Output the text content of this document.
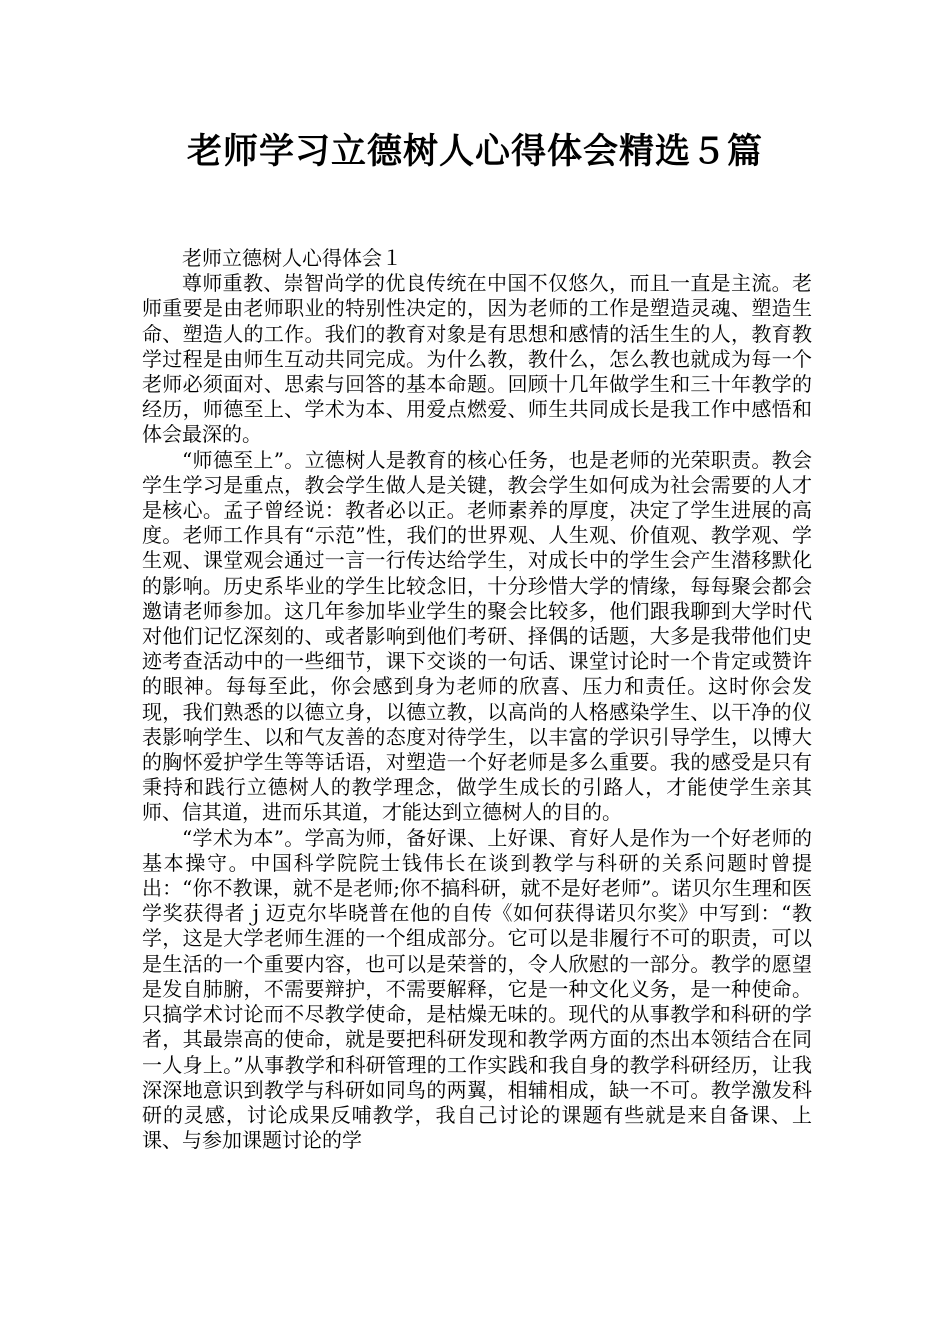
老师学习立德树人心得体会精选５篇

老师立德树人心得体会１

尊师重教、崇智尚学的优良传统在中国不仅悠久，而且一直是主流。老师重要是由老师职业的特别性决定的，因为老师的工作是塑造灵魂、塑造生命、塑造人的工作。我们的教育对象是有思想和感情的活生生的人，教育教学过程是由师生互动共同完成。为什么教，教什么，怎么教也就成为每一个老师必须面对、思索与回答的基本命题。回顾十几年做学生和三十年教学的经历，师德至上、学术为本、用爱点燃爱、师生共同成长是我工作中感悟和体会最深的。

“师德至上”。立德树人是教育的核心任务，也是老师的光荣职责。教会学生学习是重点，教会学生做人是关键，教会学生如何成为社会需要的人才是核心。孟子曾经说：教者必以正。老师素养的厚度，决定了学生进展的高度。老师工作具有“示范”性，我们的世界观、人生观、价值观、教学观、学生观、课堂观会通过一言一行传达给学生，对成长中的学生会产生潜移默化的影响。历史系毕业的学生比较念旧，十分珍惜大学的情缘，每每聚会都会邀请老师参加。这几年参加毕业学生的聚会比较多，他们跟我聊到大学时代对他们记忆深刻的、或者影响到他们考研、择偶的话题，大多是我带他们史迹考查活动中的一些细节，课下交谈的一句话、课堂讨论时一个肯定或赞许的眼神。每每至此，你会感到身为老师的欣喜、压力和责任。这时你会发现，我们熟悉的以德立身，以德立教，以高尚的人格感染学生、以干净的仪表影响学生、以和气友善的态度对待学生，以丰富的学识引导学生，以博大的胸怀爱护学生等等话语，对塑造一个好老师是多么重要。我的感受是只有秉持和践行立德树人的教学理念，做学生成长的引路人，才能使学生亲其师、信其道，进而乐其道，才能达到立德树人的目的。

“学术为本”。学高为师，备好课、上好课、育好人是作为一个好老师的基本操守。中国科学院院士钱伟长在谈到教学与科研的关系问题时曾提出：“你不教课，就不是老师;你不搞科研，就不是好老师”。诺贝尔生理和医学奖获得者ｊ迈克尔毕晓普在他的自传《如何获得诺贝尔奖》中写到：“教学，这是大学老师生涯的一个组成部分。它可以是非履行不可的职责，可以是生活的一个重要内容，也可以是荣誉的，令人欣慰的一部分。教学的愿望是发自肺腑，不需要辩护，不需要解释，它是一种文化义务，是一种使命。只搞学术讨论而不尽教学使命，是枯燥无味的。现代的从事教学和科研的学者，其最崇高的使命，就是要把科研发现和教学两方面的杰出本领结合在同一人身上。”从事教学和科研管理的工作实践和我自身的教学科研经历，让我深深地意识到教学与科研如同鸟的两翼，相辅相成，缺一不可。教学激发科研的灵感，讨论成果反哺教学，我自己讨论的课题有些就是来自备课、上课、与参加课题讨论的学
